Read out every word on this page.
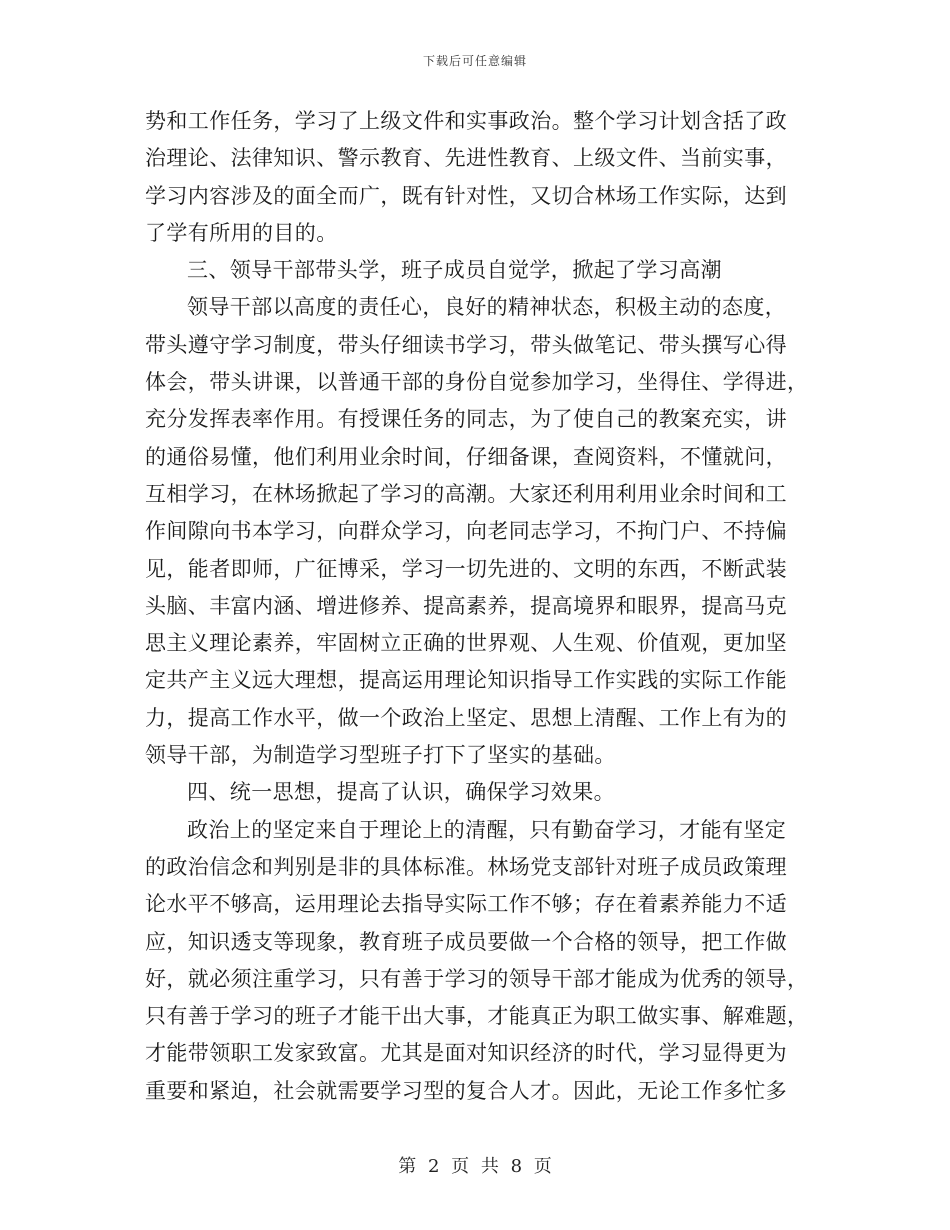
下载后可任意编辑
势和工作任务，学习了上级文件和实事政治。整个学习计划含括了政
治理论、法律知识、警示教育、先进性教育、上级文件、当前实事，
学习内容涉及的面全而广，既有针对性，又切合林场工作实际，达到
了学有所用的目的。
三、领导干部带头学，班子成员自觉学，掀起了学习高潮
领导干部以高度的责任心，良好的精神状态，积极主动的态度，
带头遵守学习制度，带头仔细读书学习，带头做笔记、带头撰写心得
体会，带头讲课，以普通干部的身份自觉参加学习，坐得住、学得进，
充分发挥表率作用。有授课任务的同志，为了使自己的教案充实，讲
的通俗易懂，他们利用业余时间，仔细备课，查阅资料，不懂就问，
互相学习，在林场掀起了学习的高潮。大家还利用利用业余时间和工
作间隙向书本学习，向群众学习，向老同志学习，不拘门户、不持偏
见，能者即师，广征博采，学习一切先进的、文明的东西，不断武装
头脑、丰富内涵、增进修养、提高素养，提高境界和眼界，提高马克
思主义理论素养，牢固树立正确的世界观、人生观、价值观，更加坚
定共产主义远大理想，提高运用理论知识指导工作实践的实际工作能
力，提高工作水平，做一个政治上坚定、思想上清醒、工作上有为的
领导干部，为制造学习型班子打下了坚实的基础。
四、统一思想，提高了认识，确保学习效果。
政治上的坚定来自于理论上的清醒，只有勤奋学习，才能有坚定
的政治信念和判别是非的具体标准。林场党支部针对班子成员政策理
论水平不够高，运用理论去指导实际工作不够；存在着素养能力不适
应，知识透支等现象，教育班子成员要做一个合格的领导，把工作做
好，就必须注重学习，只有善于学习的领导干部才能成为优秀的领导，
只有善于学习的班子才能干出大事，才能真正为职工做实事、解难题，
才能带领职工发家致富。尤其是面对知识经济的时代，学习显得更为
重要和紧迫，社会就需要学习型的复合人才。因此，无论工作多忙多
第 2 页 共 8 页
